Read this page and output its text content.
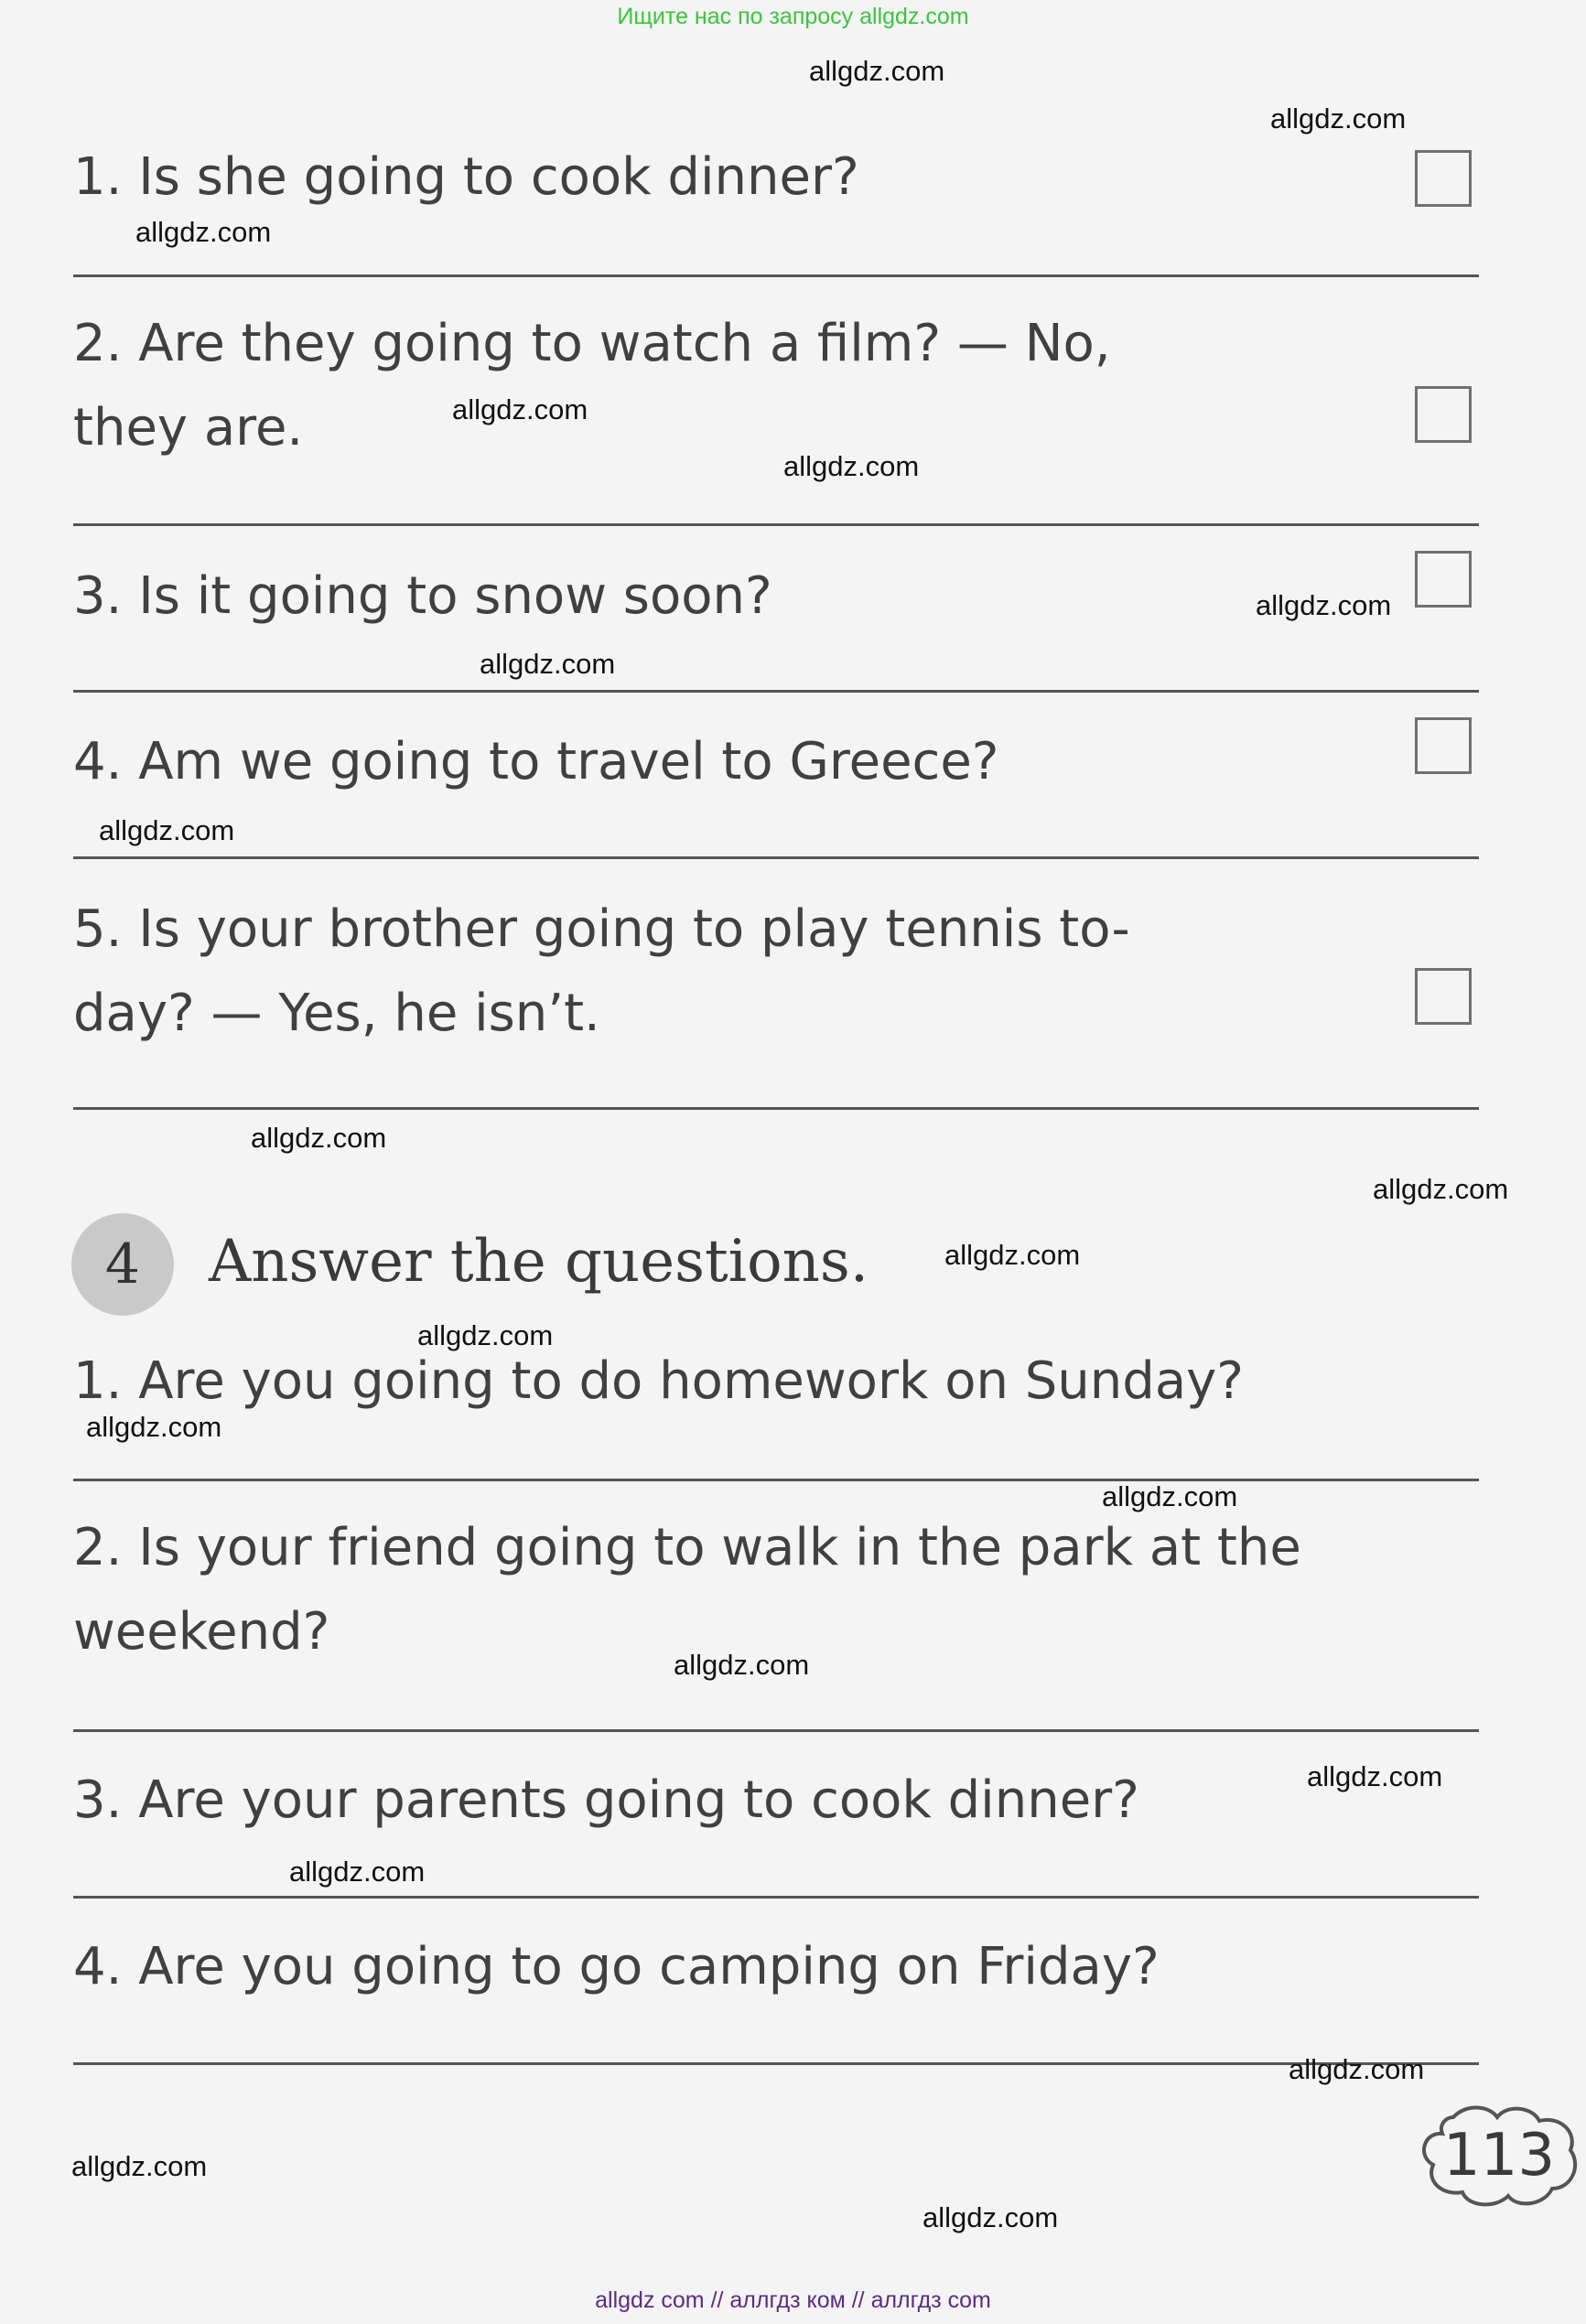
Ищите нас по запросу allgdz.com
1. Is she going to cook dinner?
2. Are they going to watch a film? — No,
they are.
3. Is it going to snow soon?
4. Am we going to travel to Greece?
5. Is your brother going to play tennis to-
day? — Yes, he isn’t.
4 Answer the questions.
1. Are you going to do homework on Sunday?
2. Is your friend going to walk in the park at the
weekend?
3. Are your parents going to cook dinner?
4. Are you going to go camping on Friday?
113
allgdz.com
allgdz.com
allgdz.com
allgdz.com
allgdz.com
allgdz.com
allgdz.com
allgdz.com
allgdz.com
allgdz.com
allgdz.com
allgdz.com
allgdz.com
allgdz.com
allgdz.com
allgdz.com
allgdz.com
allgdz.com
allgdz.com
allgdz.com
allgdz com // аллгдз ком // аллгдз com
